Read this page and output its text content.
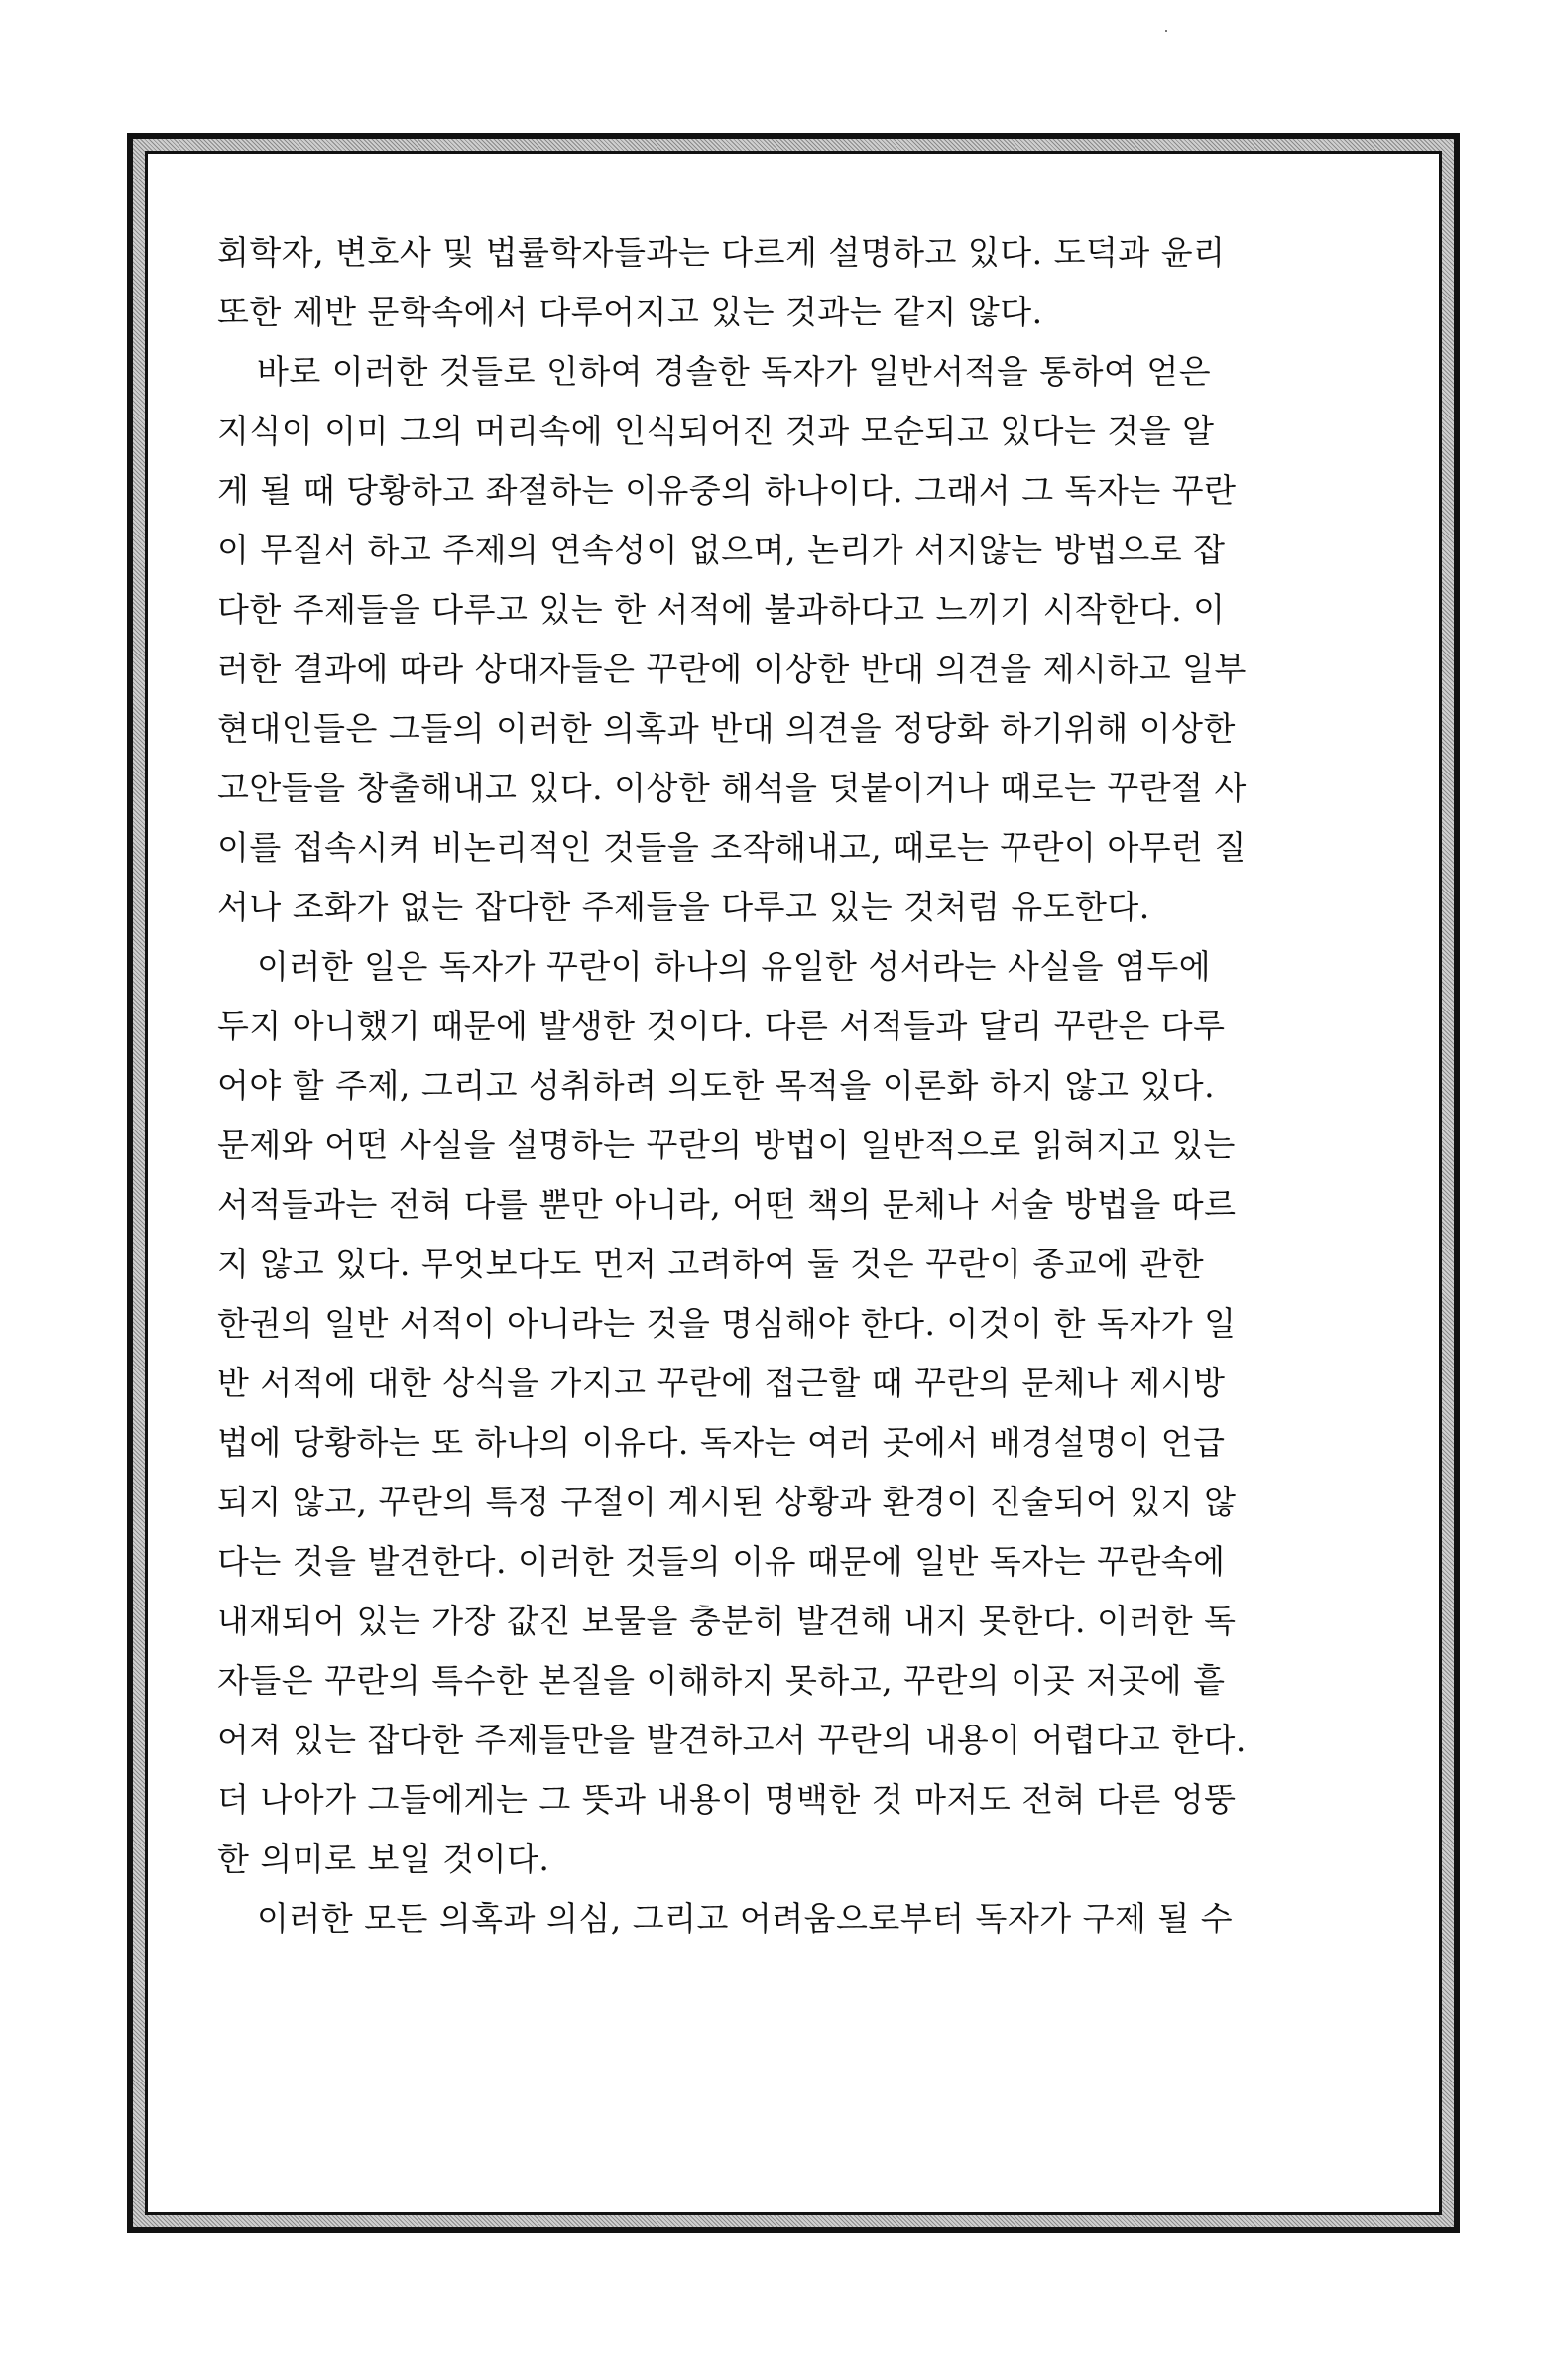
회학자, 변호사 및 법률학자들과는 다르게 설명하고 있다. 도덕과 윤리
또한 제반 문학속에서 다루어지고 있는 것과는 같지 않다.

바로 이러한 것들로 인하여 경솔한 독자가 일반서적을 통하여 얻은
지식이 이미 그의 머리속에 인식되어진 것과 모순되고 있다는 것을 알
게 될 때 당황하고 좌절하는 이유중의 하나이다. 그래서 그 독자는 꾸란
이 무질서 하고 주제의 연속성이 없으며, 논리가 서지않는 방법으로 잡
다한 주제들을 다루고 있는 한 서적에 불과하다고 느끼기 시작한다. 이
러한 결과에 따라 상대자들은 꾸란에 이상한 반대 의견을 제시하고 일부
현대인들은 그들의 이러한 의혹과 반대 의견을 정당화 하기위해 이상한
고안들을 창출해내고 있다. 이상한 해석을 덧붙이거나 때로는 꾸란절 사
이를 접속시켜 비논리적인 것들을 조작해내고, 때로는 꾸란이 아무런 질
서나 조화가 없는 잡다한 주제들을 다루고 있는 것처럼 유도한다.

이러한 일은 독자가 꾸란이 하나의 유일한 성서라는 사실을 염두에
두지 아니했기 때문에 발생한 것이다. 다른 서적들과 달리 꾸란은 다루
어야 할 주제, 그리고 성취하려 의도한 목적을 이론화 하지 않고 있다.
문제와 어떤 사실을 설명하는 꾸란의 방법이 일반적으로 읽혀지고 있는
서적들과는 전혀 다를 뿐만 아니라, 어떤 책의 문체나 서술 방법을 따르
지 않고 있다. 무엇보다도 먼저 고려하여 둘 것은 꾸란이 종교에 관한
한권의 일반 서적이 아니라는 것을 명심해야 한다. 이것이 한 독자가 일
반 서적에 대한 상식을 가지고 꾸란에 접근할 때 꾸란의 문체나 제시방
법에 당황하는 또 하나의 이유다. 독자는 여러 곳에서 배경설명이 언급
되지 않고, 꾸란의 특정 구절이 계시된 상황과 환경이 진술되어 있지 않
다는 것을 발견한다. 이러한 것들의 이유 때문에 일반 독자는 꾸란속에
내재되어 있는 가장 값진 보물을 충분히 발견해 내지 못한다. 이러한 독
자들은 꾸란의 특수한 본질을 이해하지 못하고, 꾸란의 이곳 저곳에 흩
어져 있는 잡다한 주제들만을 발견하고서 꾸란의 내용이 어렵다고 한다.
더 나아가 그들에게는 그 뜻과 내용이 명백한 것 마저도 전혀 다른 엉뚱
한 의미로 보일 것이다.

이러한 모든 의혹과 의심, 그리고 어려움으로부터 독자가 구제 될 수
